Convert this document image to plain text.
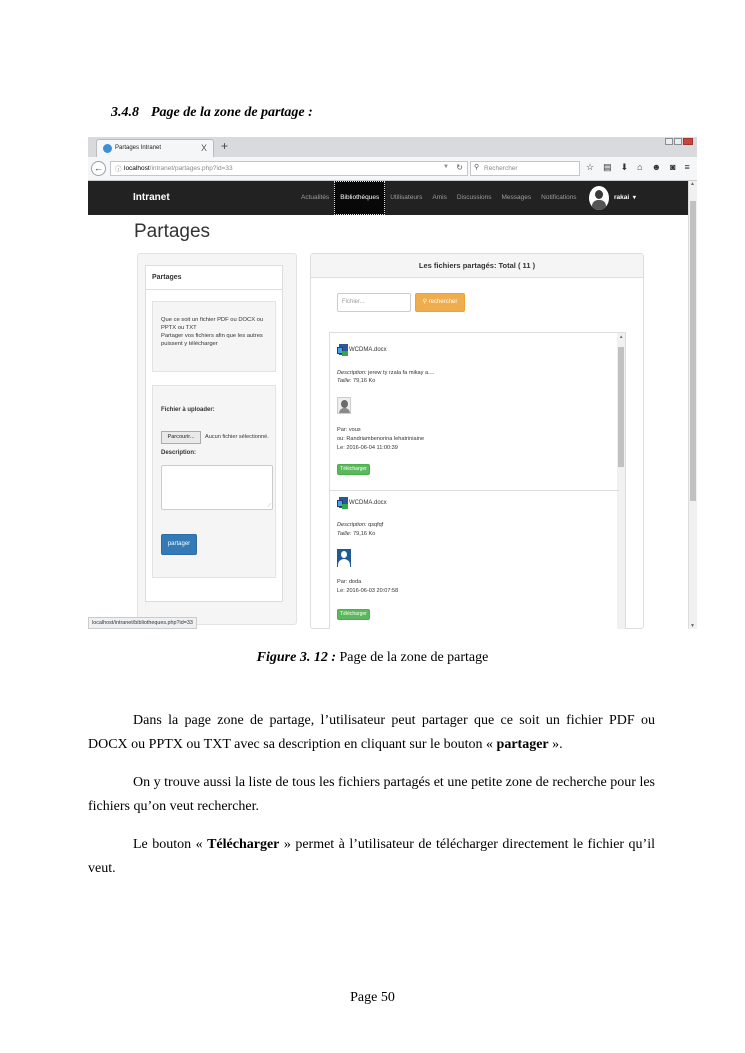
3.4.8 Page de la zone de partage :
Partages Intranet	X +
←	ⓘ localhost/intranet/partages.php?id=33	▼ ↻ ⚲ Rechercher	☆ ▤ ⬇ ⌂ ☻ ◙ ≡
Intranet	Actualités	Bibliothèques	Utilisateurs	Amis	Discussions	Messages	Notifications	rakai ▾
▲
▼
Partages
Partages
Que ce soit un fichier PDF ou DOCX ou
PPTX ou TXT
Partager vos fichiers afin que les autres
puissent y télécharger
Fichier à uploader:
Parcourir...	Aucun fichier sélectionné.
Description:
⟋
partager
Les fichiers partagés: Total ( 11 )
Fichier...	⚲ rechercher
▲
WCDMA.docx
Description: jerew ty rzala fa mikay a....
Taille: 79,16 Ko
Par: vous
ou: Randriambenorina lehatriniaine
Le: 2016-06-04 11:00:39
Télécharger
WCDMA.docx
Description: qsqfqf
Taille: 79,16 Ko
Par: doda
Le: 2016-06-03 20:07:58
Télécharger
localhost/intranet/bibliotheques.php?id=33
Figure 3. 12 : Page de la zone de partage

Dans la page zone de partage, l’utilisateur peut partager que ce soit un fichier PDF ou DOCX ou PPTX ou TXT avec sa description en cliquant sur le bouton « partager ».

On y trouve aussi la liste de tous les fichiers partagés et une petite zone de recherche pour les fichiers qu’on veut rechercher.

Le bouton « Télécharger » permet à l’utilisateur de télécharger directement le fichier qu’il veut.

Page 50
